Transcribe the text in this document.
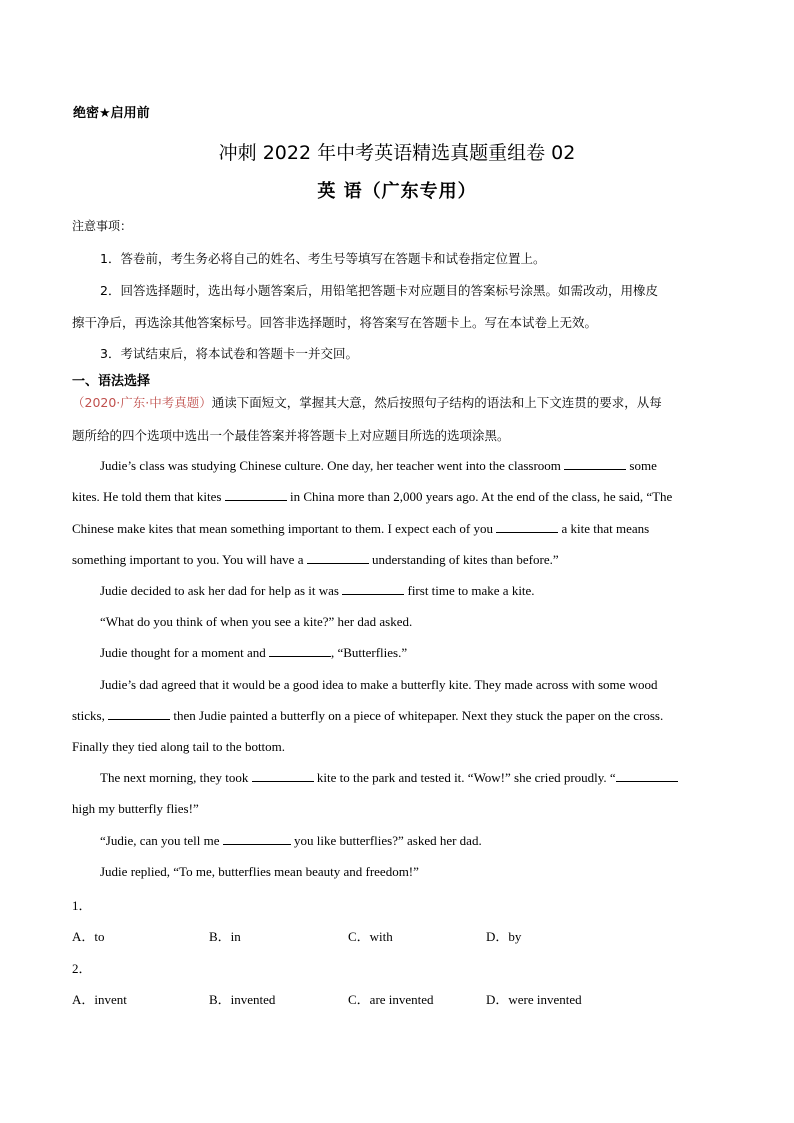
绝密★启用前
冲刺 2022 年中考英语精选真题重组卷 02
英 语（广东专用）
注意事项：
1．答卷前，考生务必将自己的姓名、考生号等填写在答题卡和试卷指定位置上。
2．回答选择题时，选出每小题答案后，用铅笔把答题卡对应题目的答案标号涂黑。如需改动，用橡皮
擦干净后，再选涂其他答案标号。回答非选择题时，将答案写在答题卡上。写在本试卷上无效。
3．考试结束后，将本试卷和答题卡一并交回。
一、语法选择
（2020·广东·中考真题）通读下面短文，掌握其大意，然后按照句子结构的语法和上下文连贯的要求，从每
题所给的四个选项中选出一个最佳答案并将答题卡上对应题目所选的选项涂黑。
Judie’s class was studying Chinese culture. One day, her teacher went into the classroom	some
kites. He told them that kites	in China more than 2,000 years ago. At the end of the class, he said, “The
Chinese make kites that mean something important to them. I expect each of you	a kite that means
something important to you. You will have a	understanding of kites than before.”
Judie decided to ask her dad for help as it was	first time to make a kite.
“What do you think of when you see a kite?” her dad asked.
Judie thought for a moment and	, “Butterflies.”
Judie’s dad agreed that it would be a good idea to make a butterfly kite. They made across with some wood
sticks,	then Judie painted a butterfly on a piece of whitepaper. Next they stuck the paper on the cross.
Finally they tied along tail to the bottom.
The next morning, they took	kite to the park and tested it. “Wow!” she cried proudly. “
high my butterfly flies!”
“Judie, can you tell me	you like butterflies?” asked her dad.
Judie replied, “To me, butterflies mean beauty and freedom!”
1．
A．to	B．in	C．with	D．by
2．
A．invent	B．invented	C．are invented	D．were invented
